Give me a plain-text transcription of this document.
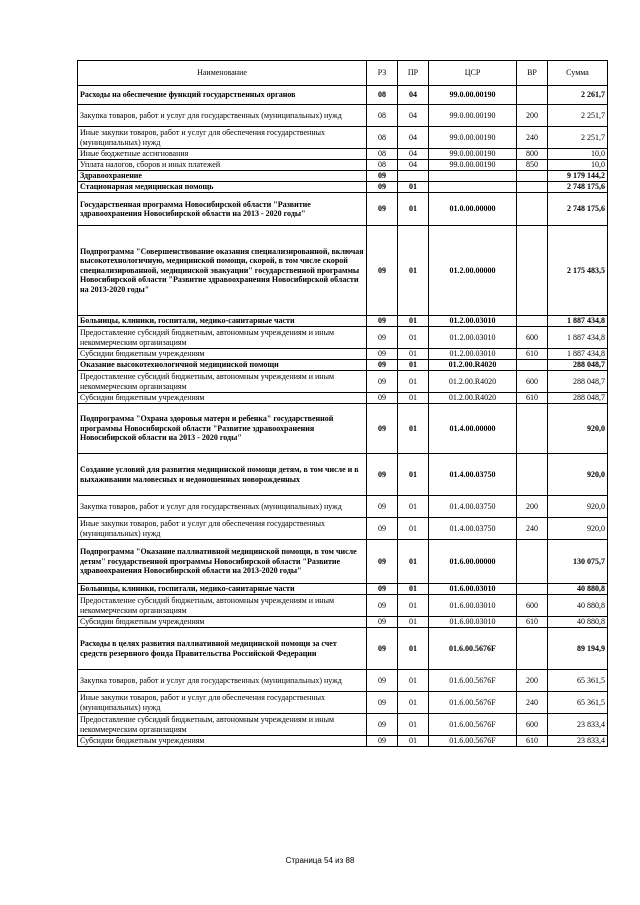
Наименование	РЗ	ПР	ЦСР	ВР	Сумма
Расходы на обеспечение функций государственных органов	08	04	99.0.00.00190		2 261,7
Закупка товаров, работ и услуг для государственных (муниципальных) нужд	08	04	99.0.00.00190	200	2 251,7
Иные закупки товаров, работ и услуг для обеспечения государственных (муниципальных) нужд	08	04	99.0.00.00190	240	2 251,7
Иные бюджетные ассигнования	08	04	99.0.00.00190	800	10,0
Уплата налогов, сборов и иных платежей	08	04	99.0.00.00190	850	10,0
Здравоохранение	09				9 179 144,2
Стационарная медицинская помощь	09	01			2 748 175,6
Государственная программа Новосибирской области "Развитие здравоохранения Новосибирской области на 2013 - 2020 годы"	09	01	01.0.00.00000		2 748 175,6
Подпрограмма "Совершенствование оказания специализированной, включая высокотехнологичную, медицинской помощи, скорой, в том числе скорой специализированной, медицинской эвакуации" государственной программы Новосибирской области "Развитие здравоохранения Новосибирской области на 2013-2020 годы"	09	01	01.2.00.00000		2 175 483,5
Больницы, клиники, госпитали, медико-санитарные части	09	01	01.2.00.03010		1 887 434,8
Предоставление субсидий бюджетным, автономным учреждениям и иным некоммерческим организациям	09	01	01.2.00.03010	600	1 887 434,8
Субсидии бюджетным учреждениям	09	01	01.2.00.03010	610	1 887 434,8
Оказание высокотехнологичной медицинской помощи	09	01	01.2.00.R4020		288 048,7
Предоставление субсидий бюджетным, автономным учреждениям и иным некоммерческим организациям	09	01	01.2.00.R4020	600	288 048,7
Субсидии бюджетным учреждениям	09	01	01.2.00.R4020	610	288 048,7
Подпрограмма "Охрана здоровья матери и ребенка" государственной программы Новосибирской области "Развитие здравоохранения Новосибирской области на 2013 - 2020 годы"	09	01	01.4.00.00000		920,0
Создание условий для развития медицинской помощи детям, в том числе и в выхаживании маловесных и недоношенных новорожденных	09	01	01.4.00.03750		920,0
Закупка товаров, работ и услуг для государственных (муниципальных) нужд	09	01	01.4.00.03750	200	920,0
Иные закупки товаров, работ и услуг для обеспечения государственных (муниципальных) нужд	09	01	01.4.00.03750	240	920,0
Подпрограмма "Оказание паллиативной медицинской помощи, в том числе детям" государственной программы Новосибирской области "Развитие здравоохранения Новосибирской области на 2013-2020 годы"	09	01	01.6.00.00000		130 075,7
Больницы, клиники, госпитали, медико-санитарные части	09	01	01.6.00.03010		40 880,8
Предоставление субсидий бюджетным, автономным учреждениям и иным некоммерческим организациям	09	01	01.6.00.03010	600	40 880,8
Субсидии бюджетным учреждениям	09	01	01.6.00.03010	610	40 880,8
Расходы в целях развития паллиативной медицинской помощи за счет средств резервного фонда Правительства Российской Федерации	09	01	01.6.00.5676F		89 194,9
Закупка товаров, работ и услуг для государственных (муниципальных) нужд	09	01	01.6.00.5676F	200	65 361,5
Иные закупки товаров, работ и услуг для обеспечения государственных (муниципальных) нужд	09	01	01.6.00.5676F	240	65 361,5
Предоставление субсидий бюджетным, автономным учреждениям и иным некоммерческим организациям	09	01	01.6.00.5676F	600	23 833,4
Субсидии бюджетным учреждениям	09	01	01.6.00.5676F	610	23 833,4
Страница 54 из 88
